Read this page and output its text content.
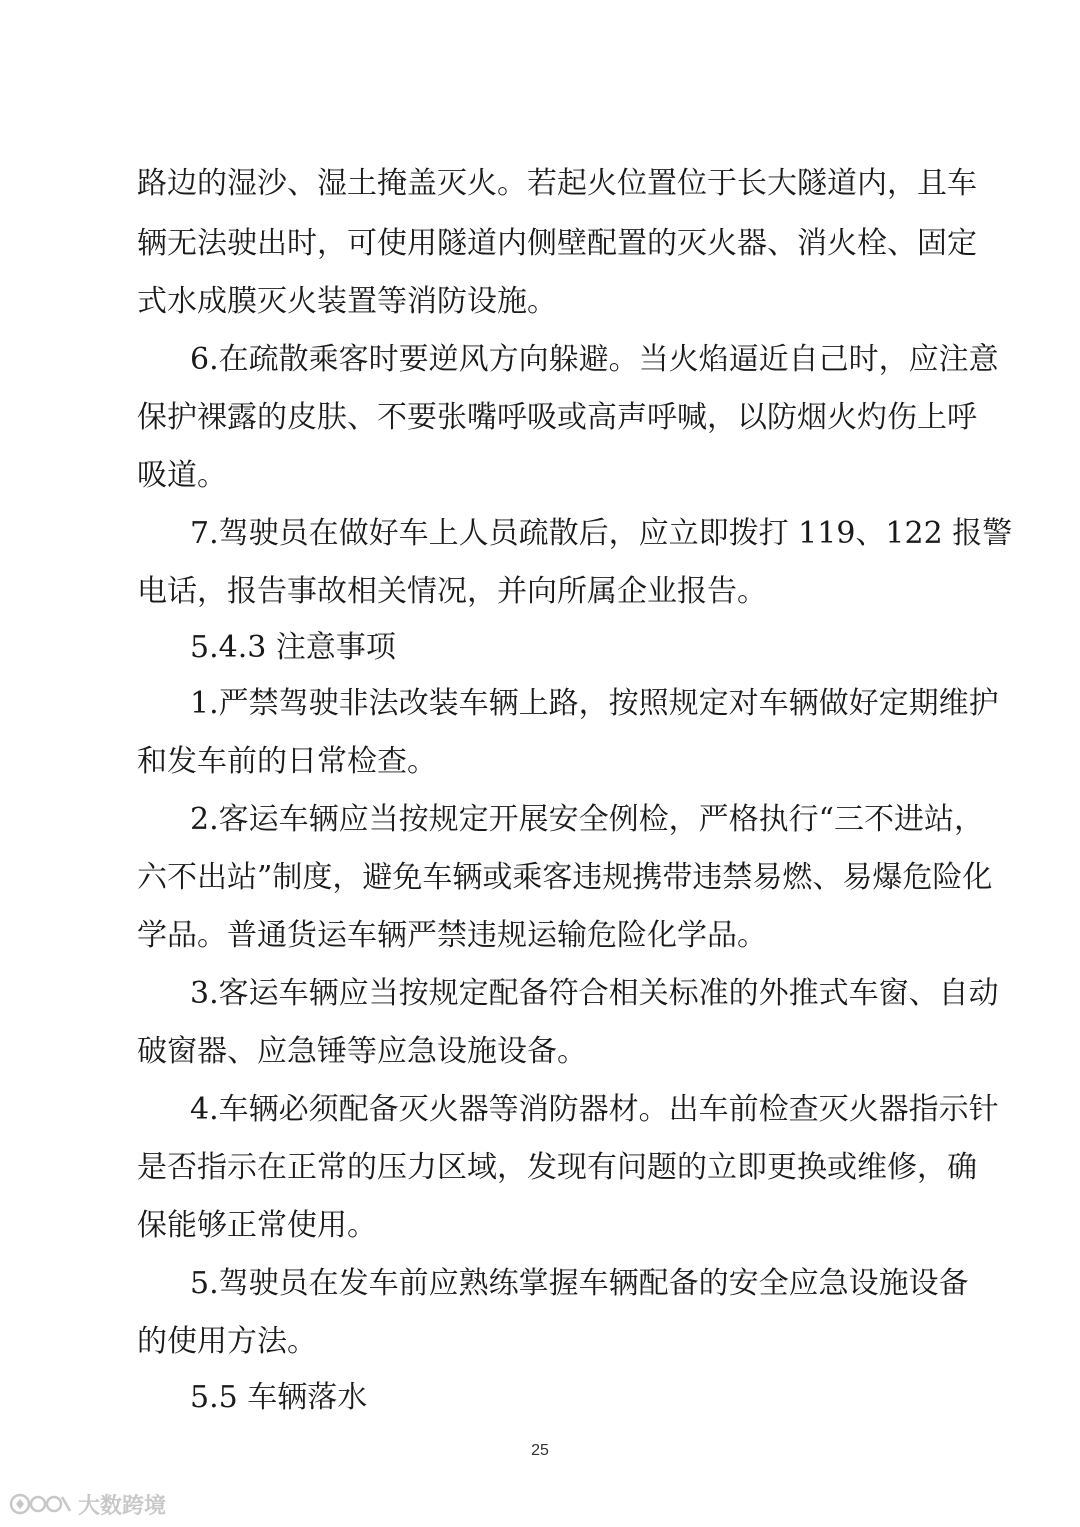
路边的湿沙、湿土掩盖灭火。若起火位置位于长大隧道内，且车
辆无法驶出时，可使用隧道内侧壁配置的灭火器、消火栓、固定
式水成膜灭火装置等消防设施。
6.在疏散乘客时要逆风方向躲避。当火焰逼近自己时，应注意
保护裸露的皮肤、不要张嘴呼吸或高声呼喊，以防烟火灼伤上呼
吸道。
7.驾驶员在做好车上人员疏散后，应立即拨打 119、122 报警
电话，报告事故相关情况，并向所属企业报告。
5.4.3 注意事项
1.严禁驾驶非法改装车辆上路，按照规定对车辆做好定期维护
和发车前的日常检查。
2.客运车辆应当按规定开展安全例检，严格执行“三不进站，
六不出站”制度，避免车辆或乘客违规携带违禁易燃、易爆危险化
学品。普通货运车辆严禁违规运输危险化学品。
3.客运车辆应当按规定配备符合相关标准的外推式车窗、自动
破窗器、应急锤等应急设施设备。
4.车辆必须配备灭火器等消防器材。出车前检查灭火器指示针
是否指示在正常的压力区域，发现有问题的立即更换或维修，确
保能够正常使用。
5.驾驶员在发车前应熟练掌握车辆配备的安全应急设施设备
的使用方法。
5.5 车辆落水
25
大数跨境
